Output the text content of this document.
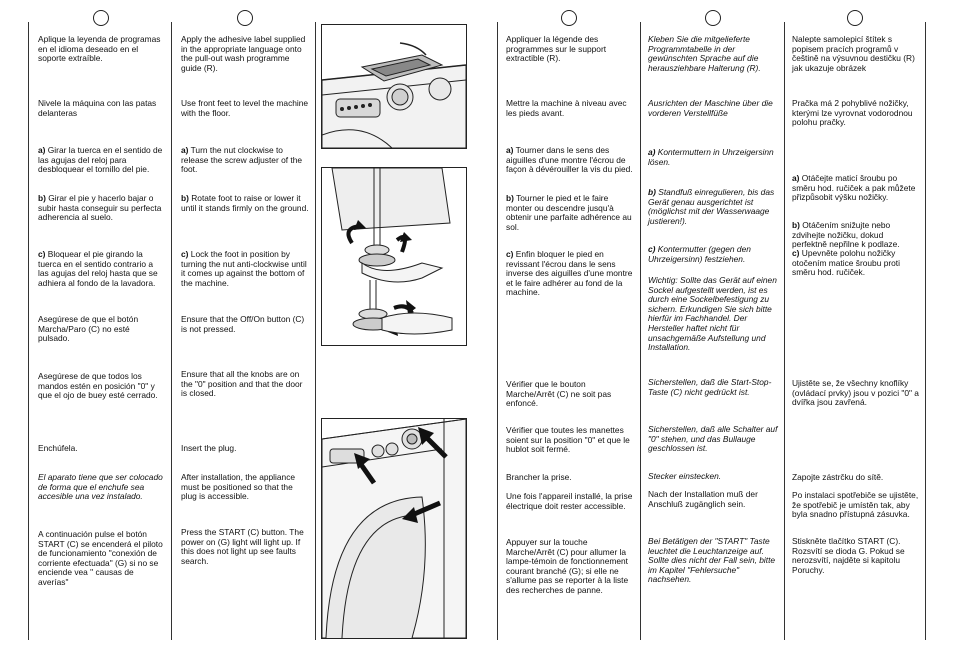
Aplique la leyenda de programas en el idioma deseado en el soporte extraíble.

Nivele la máquina con las patas delanteras

a) Girar la tuerca en el sentido de las agujas del reloj para desbloquear el tornillo del pie.

b) Girar el pie y hacerlo bajar o subir hasta conseguir su perfecta adherencia al suelo.

c) Bloquear el pie girando la tuerca en el sentido contrario a las agujas del reloj hasta que se adhiera al fondo de la lavadora.

Asegúrese de que el botón Marcha/Paro (C) no esté pulsado.

Asegúrese de que todos los mandos estén en posición "0" y que el ojo de buey esté cerrado.

Enchúfela.

El aparato tiene que ser colocado de forma que el enchufe sea accesible una vez instalado.

A continuación pulse el botón START (C) se encenderá el piloto de funcionamiento "conexión de corriente efectuada" (G) si no se enciende vea " causas de averías"

Apply the adhesive label supplied in the appropriate language onto the pull-out wash programme guide (R).

Use front feet to level the machine with the floor.

a) Turn the nut clockwise to release the screw adjuster of the foot.

b) Rotate foot to raise or lower it until it stands firmly on the ground.

c) Lock the foot in position by turning the nut anti-clockwise until it comes up against the bottom of the machine.

Ensure that the Off/On button (C) is not pressed.

Ensure that all the knobs are on the "0" position and that the door is closed.

Insert the plug.

After installation, the appliance must be positioned so that the plug is accessible.

Press the START (C) button. The power on (G) light will light up. If this does not light up see faults search.

Appliquer la légende des programmes sur le support extractible (R).

Mettre la machine à niveau avec les pieds avant.

a) Tourner dans le sens des aiguilles d'une montre l'écrou de façon à dévérouiller la vis du pied.

b) Tourner le pied et le faire monter ou descendre jusqu'à obtenir une parfaite adhérence au sol.

c) Enfin bloquer le pied en revissant l'écrou dans le sens inverse des aiguilles d'une montre et le faire adhérer au fond de la machine.

Vérifier que le bouton Marche/Arrêt (C) ne soit pas enfoncé.

Vérifier que toutes les manettes soient sur la position "0" et que le hublot soit fermé.

Brancher la prise.

Une fois l'appareil installé, la prise électrique doit rester accessible.

Appuyer sur la touche Marche/Arrêt (C) pour allumer la lampe-témoin de fonctionnement courant branché (G); si elle ne s'allume pas se reporter à la liste des recherches de panne.

Kleben Sie die mitgelieferte Programmtabelle in der gewünschten Sprache auf die herausziehbare Halterung (R).

Ausrichten der Maschine über die vorderen Verstellfüße

a) Kontermuttern in Uhrzeigersinn lösen.

b) Standfuß einregulieren, bis das Gerät genau ausgerichtet ist (möglichst mit der Wasserwaage justieren!).

c) Kontermutter (gegen den Uhrzeigersinn) festziehen.

Wichtig: Sollte das Gerät auf einen Sockel aufgestellt werden, ist es durch eine Sockelbefestigung zu sichern. Erkundigen Sie sich bitte hierfür im Fachhandel. Der Hersteller haftet nicht für unsachgemäße Aufstellung und Installation.

Sicherstellen, daß die Start-Stop-Taste (C) nicht gedrückt ist.

Sicherstellen, daß alle Schalter auf "0" stehen, und das Bullauge geschlossen ist.

Stecker einstecken.

Nach der Installation muß der Anschluß zugänglich sein.

Bei Betätigen der "START" Taste leuchtet die Leuchtanzeige auf. Sollte dies nicht der Fall sein, bitte im Kapitel "Fehlersuche" nachsehen.

Nalepte samolepicí štítek s popisem pracích programů v češtině na výsuvnou destičku (R) jak ukazuje obrázek

Pračka má 2 pohyblivé nožičky, kterými lze vyrovnat vodorodnou polohu pračky.

a) Otáčejte maticí šroubu po směru hod. ručiček a pak můžete přizpůsobit výšku nožičky.

b) Otáčením snižujte nebo zdvihejte nožičku, dokud perfektně nepřilne k podlaze.

c) Upevněte polohu nožičky otočením matice šroubu proti směru hod. ručiček.

Ujistěte se, že všechny knoflíky (ovládací prvky) jsou v pozici "0" a dvířka jsou zavřená.

Zapojte zástrčku do sítě.

Po instalaci spotřebiče se ujistěte, že spotřebič je umístěn tak, aby byla snadno přístupná zásuvka.

Stiskněte tlačítko START (C). Rozsvítí se dioda G. Pokud se nerozsvítí, najděte si kapitolu Poruchy.
